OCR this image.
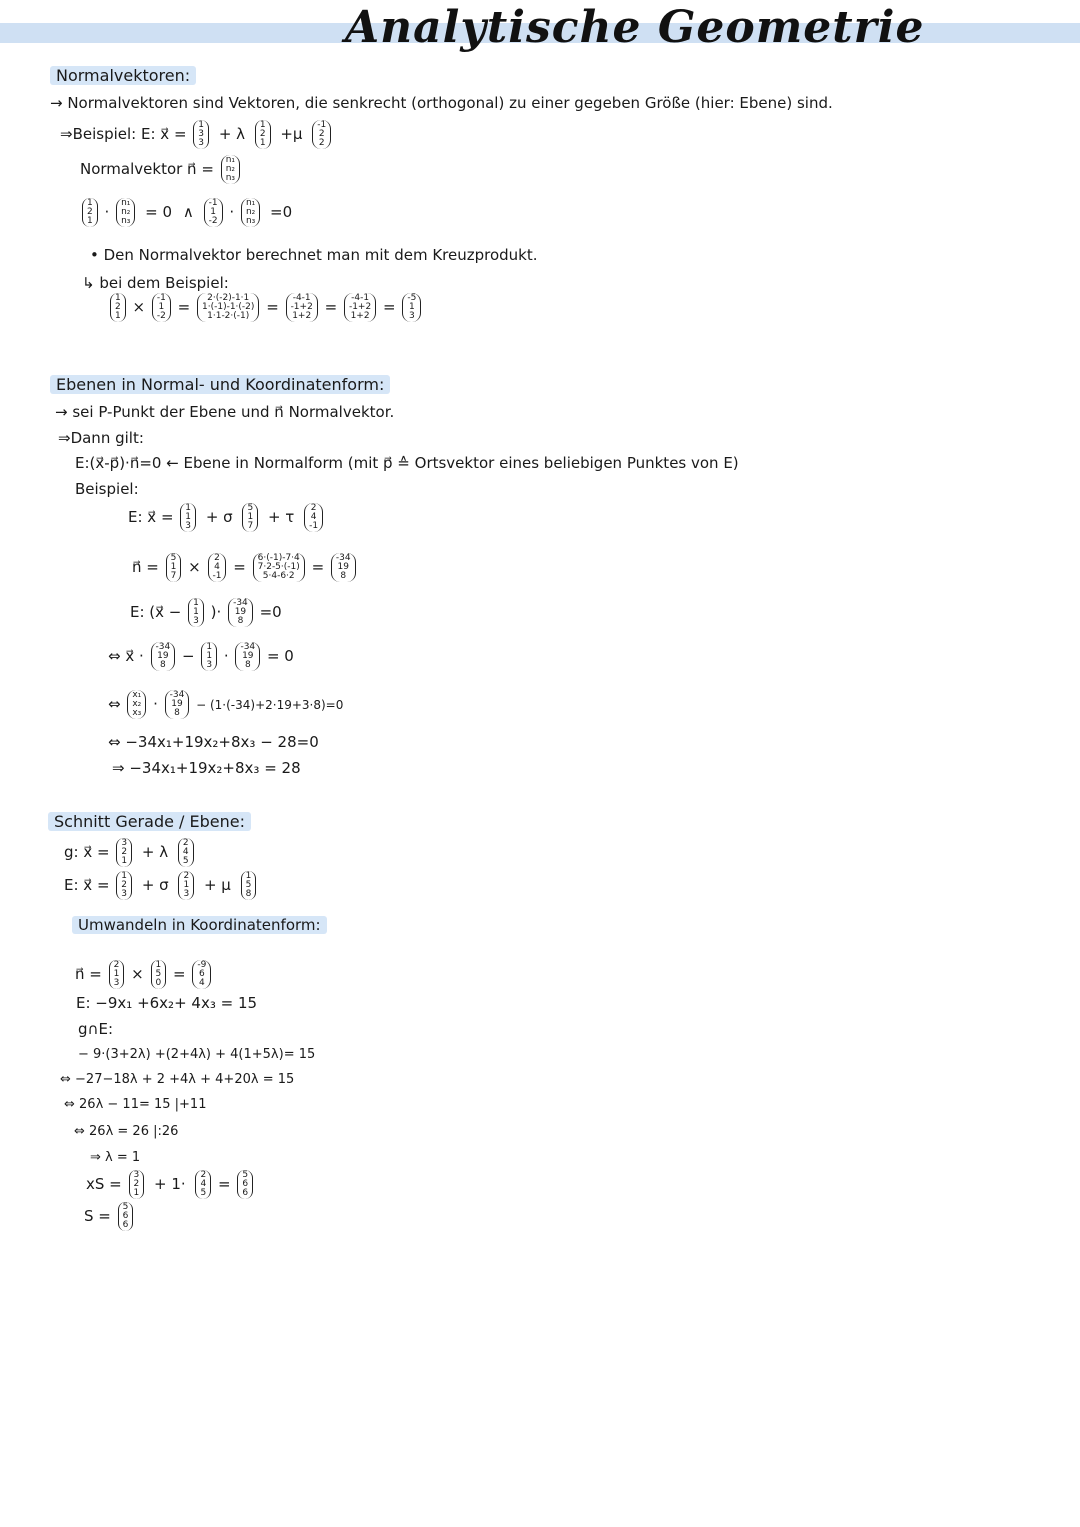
Analytische Geometrie
Normalvektoren:
→ Normalvektoren sind Vektoren, die senkrecht (orthogonal) zu einer gegeben Größe (hier: Ebene) sind.
⇒Beispiel: E: x⃗ = 1
3
3 + λ 1
2
1 +μ -1
2
2
Normalvektor n⃗ = n₁
n₂
n₃
1
2
1 · n₁
n₂
n₃ = 0 ∧ -1
1
-2 · n₁
n₂
n₃ =0
• Den Normalvektor berechnet man mit dem Kreuzprodukt.
↳ bei dem Beispiel:
1
2
1 × -1
1
-2 =	2·(-2)-1·1
1·(-1)-1·(-2)
1·1-2·(-1)	= -4-1
-1+2
1+2 = -4-1
-1+2
1+2 = -5
1
3
Ebenen in Normal- und Koordinatenform:
→ sei P-Punkt der Ebene und n⃗ Normalvektor.
⇒Dann gilt:
E:(x⃗-p⃗)·n⃗=0 ← Ebene in Normalform (mit p⃗ ≙ Ortsvektor eines beliebigen Punktes von E)
Beispiel:
E: x⃗ = 1
1
3 + σ 5
1
7 + τ 2
4
-1
n⃗ = 5
1
7 × 2
4
-1 = 6·(-1)-7·4
7·2-5·(-1)
5·4-6·2	= -34
19
8
E: (x⃗ − 1
1
3 )· -34
19
8 =0
⇔ x⃗ · -34
19
8 − 1
1
3 · -34
19
8 = 0
⇔ x₁
x₂
x₃ · -34
19
8
− (1·(-34)+2·19+3·8)=0
⇔ −34x₁+19x₂+8x₃ − 28=0
⇒ −34x₁+19x₂+8x₃ = 28
Schnitt Gerade / Ebene:
g: x⃗ = 3
2
1 + λ 2
4
5
E: x⃗ = 1
2
3 + σ 2
1
3 + μ 1
5
8
Umwandeln in Koordinatenform:
n⃗ = 2
1
3 × 1
5
0 = -9
6
4
E: −9x₁ +6x₂+ 4x₃ = 15
g∩E:
− 9·(3+2λ) +(2+4λ) + 4(1+5λ)= 15
⇔ −27−18λ + 2 +4λ + 4+20λ = 15
⇔ 26λ − 11= 15 |+11
⇔ 26λ = 26 |:26
⇒ λ = 1
xS = 3
2
1 + 1· 2
4
5 = 5
6
6
S = 5
6
6
